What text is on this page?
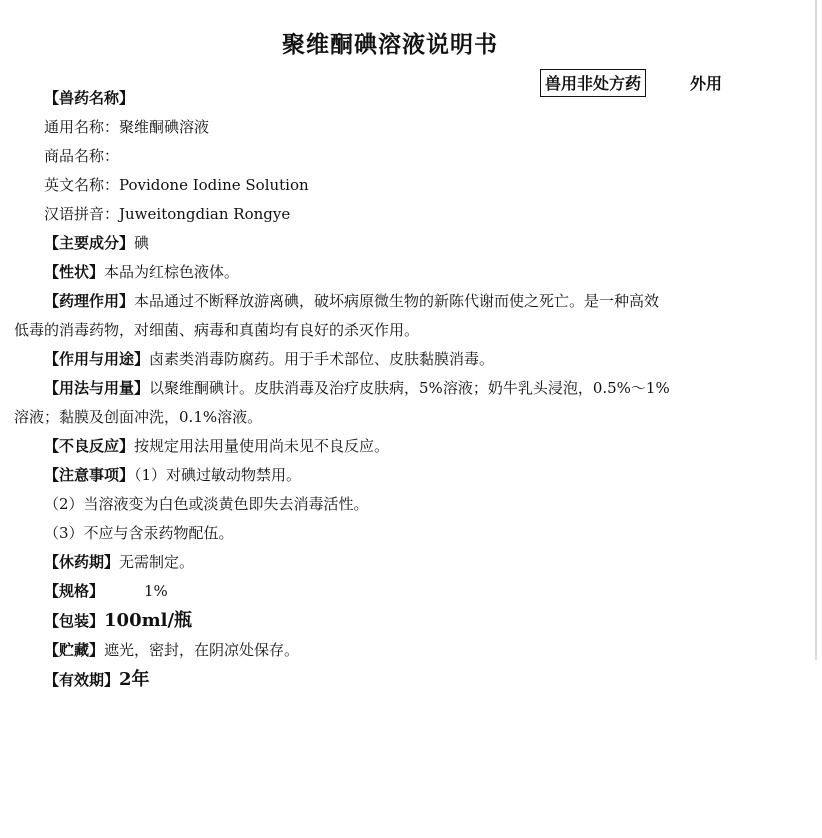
聚维酮碘溶液说明书
兽用非处方药	外用
【兽药名称】
通用名称：聚维酮碘溶液
商品名称：
英文名称：Povidone Iodine Solution
汉语拼音：Juweitongdian Rongye
【主要成分】碘
【性状】本品为红棕色液体。
【药理作用】本品通过不断释放游离碘，破坏病原微生物的新陈代谢而使之死亡。是一种高效
低毒的消毒药物，对细菌、病毒和真菌均有良好的杀灭作用。
【作用与用途】卤素类消毒防腐药。用于手术部位、皮肤黏膜消毒。
【用法与用量】以聚维酮碘计。皮肤消毒及治疗皮肤病，5%溶液；奶牛乳头浸泡，0.5%～1%
溶液；黏膜及创面冲洗，0.1%溶液。
【不良反应】按规定用法用量使用尚未见不良反应。
【注意事项】（1）对碘过敏动物禁用。
（2）当溶液变为白色或淡黄色即失去消毒活性。
（3）不应与含汞药物配伍。
【休药期】无需制定。
【规格】	1%
【包装】100ml/瓶
【贮藏】遮光，密封，在阴凉处保存。
【有效期】2年
